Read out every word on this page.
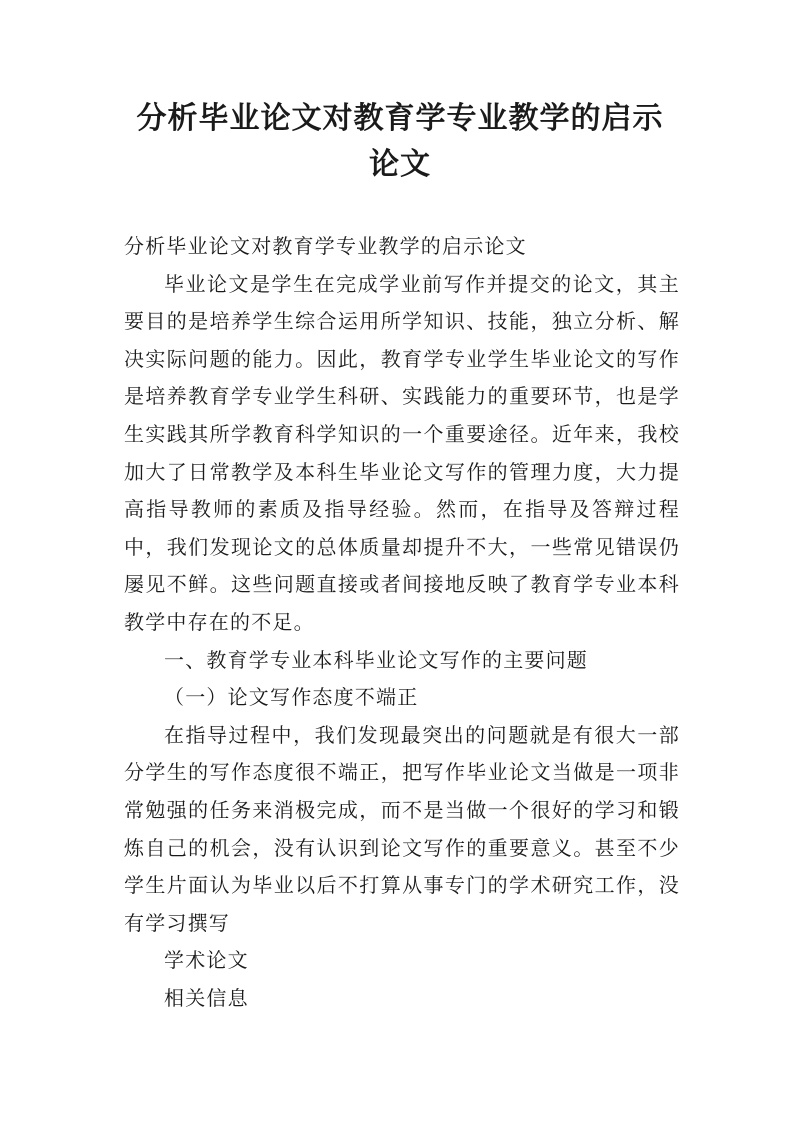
分析毕业论文对教育学专业教学的启示论文

分析毕业论文对教育学专业教学的启示论文

毕业论文是学生在完成学业前写作并提交的论文，其主要目的是培养学生综合运用所学知识、技能，独立分析、解决实际问题的能力。因此，教育学专业学生毕业论文的写作是培养教育学专业学生科研、实践能力的重要环节，也是学生实践其所学教育科学知识的一个重要途径。近年来，我校加大了日常教学及本科生毕业论文写作的管理力度，大力提高指导教师的素质及指导经验。然而，在指导及答辩过程中，我们发现论文的总体质量却提升不大，一些常见错误仍屡见不鲜。这些问题直接或者间接地反映了教育学专业本科教学中存在的不足。

一、教育学专业本科毕业论文写作的主要问题

（一）论文写作态度不端正

在指导过程中，我们发现最突出的问题就是有很大一部分学生的写作态度很不端正，把写作毕业论文当做是一项非常勉强的任务来消极完成，而不是当做一个很好的学习和锻炼自己的机会，没有认识到论文写作的重要意义。甚至不少学生片面认为毕业以后不打算从事专门的学术研究工作，没有学习撰写

学术论文

相关信息
